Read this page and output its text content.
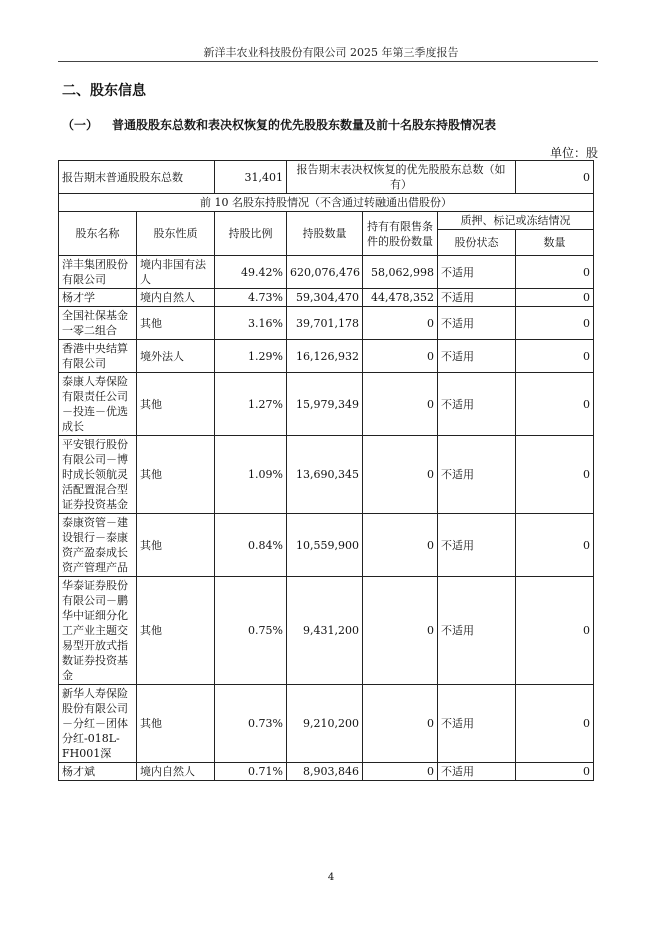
新洋丰农业科技股份有限公司 2025 年第三季度报告
二、股东信息
（一） 普通股股东总数和表决权恢复的优先股股东数量及前十名股东持股情况表
单位：股
报告期末普通股股东总数		31,401	报告期末表决权恢复的优先股股东总数（如有）			0
前 10 名股东持股情况（不含通过转融通出借股份）						
股东名称	股东性质	持股比例	持股数量	持有有限售条件的股份数量	质押、标记或冻结情况	
					股份状态	数量
洋丰集团股份有限公司	境内非国有法人	49.42%	620,076,476	58,062,998	不适用	0
杨才学	境内自然人	4.73%	59,304,470	44,478,352	不适用	0
全国社保基金一零二组合	其他	3.16%	39,701,178	0	不适用	0
香港中央结算有限公司	境外法人	1.29%	16,126,932	0	不适用	0
泰康人寿保险有限责任公司－投连－优选成长	其他	1.27%	15,979,349	0	不适用	0
平安银行股份有限公司－博时成长领航灵活配置混合型证券投资基金	其他	1.09%	13,690,345	0	不适用	0
泰康资管－建设银行－泰康资产盈泰成长资产管理产品	其他	0.84%	10,559,900	0	不适用	0
华泰证券股份有限公司－鹏华中证细分化工产业主题交易型开放式指数证券投资基金	其他	0.75%	9,431,200	0	不适用	0
新华人寿保险股份有限公司－分红－团体分红-018L-FH001深	其他	0.73%	9,210,200	0	不适用	0
杨才斌	境内自然人	0.71%	8,903,846	0	不适用	0
4
